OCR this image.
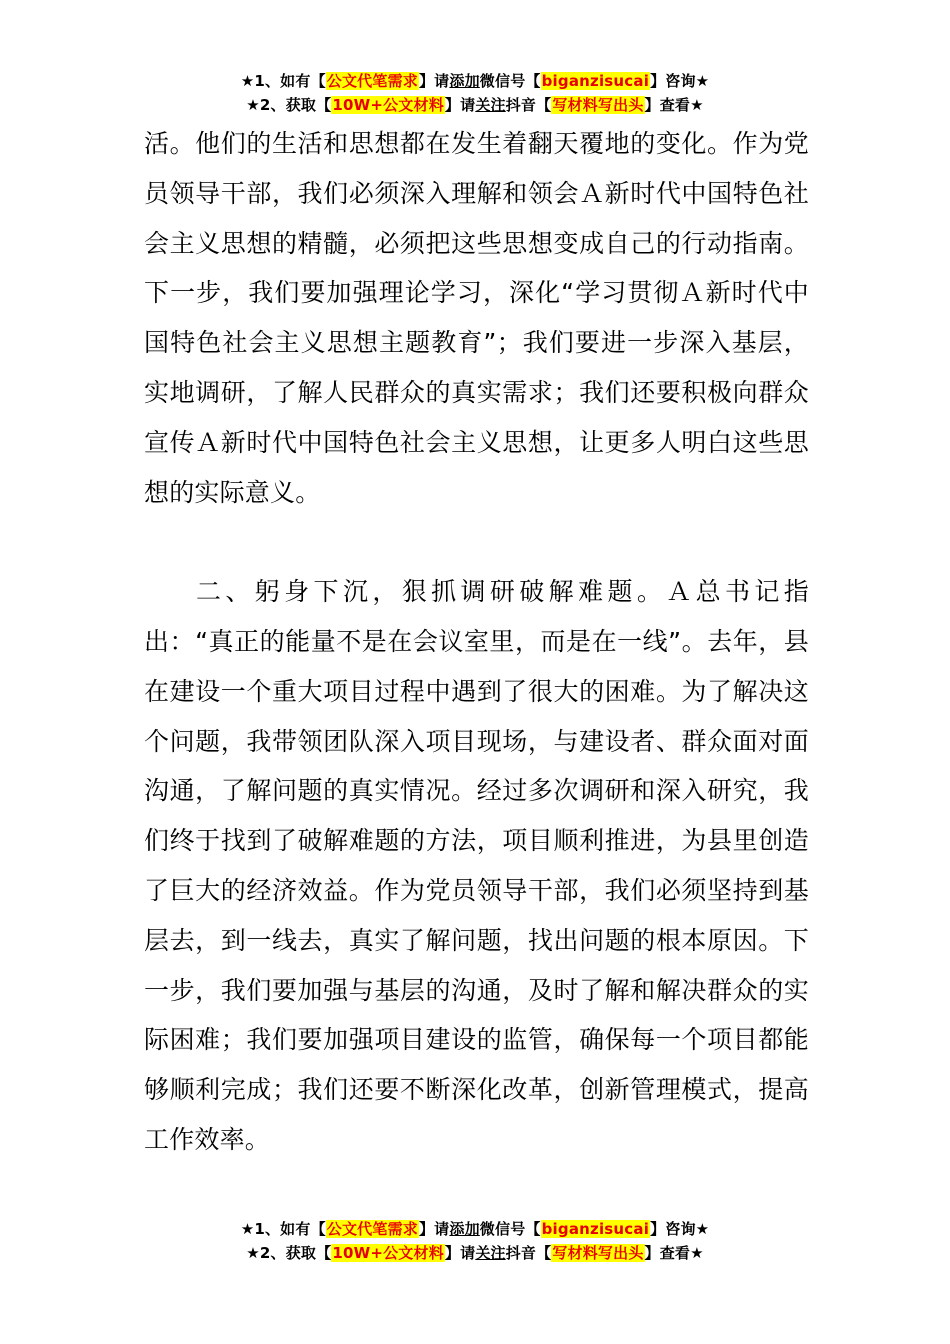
★1、如有【公文代笔需求】请添加微信号【biganzisucai】咨询★
★2、获取【10W+公文材料】请关注抖音【写材料写出头】查看★

活。他们的生活和思想都在发生着翻天覆地的变化。作为党员领导干部，我们必须深入理解和领会Ａ新时代中国特色社会主义思想的精髓，必须把这些思想变成自己的行动指南。下一步，我们要加强理论学习，深化“学习贯彻Ａ新时代中国特色社会主义思想主题教育”；我们要进一步深入基层，实地调研，了解人民群众的真实需求；我们还要积极向群众宣传Ａ新时代中国特色社会主义思想，让更多人明白这些思想的实际意义。

二、躬身下沉，狠抓调研破解难题。Ａ总书记指出：“真正的能量不是在会议室里，而是在一线”。去年，县在建设一个重大项目过程中遇到了很大的困难。为了解决这个问题，我带领团队深入项目现场，与建设者、群众面对面沟通，了解问题的真实情况。经过多次调研和深入研究，我们终于找到了破解难题的方法，项目顺利推进，为县里创造了巨大的经济效益。作为党员领导干部，我们必须坚持到基层去，到一线去，真实了解问题，找出问题的根本原因。下一步，我们要加强与基层的沟通，及时了解和解决群众的实际困难；我们要加强项目建设的监管，确保每一个项目都能够顺利完成；我们还要不断深化改革，创新管理模式，提高工作效率。

★1、如有【公文代笔需求】请添加微信号【biganzisucai】咨询★
★2、获取【10W+公文材料】请关注抖音【写材料写出头】查看★
